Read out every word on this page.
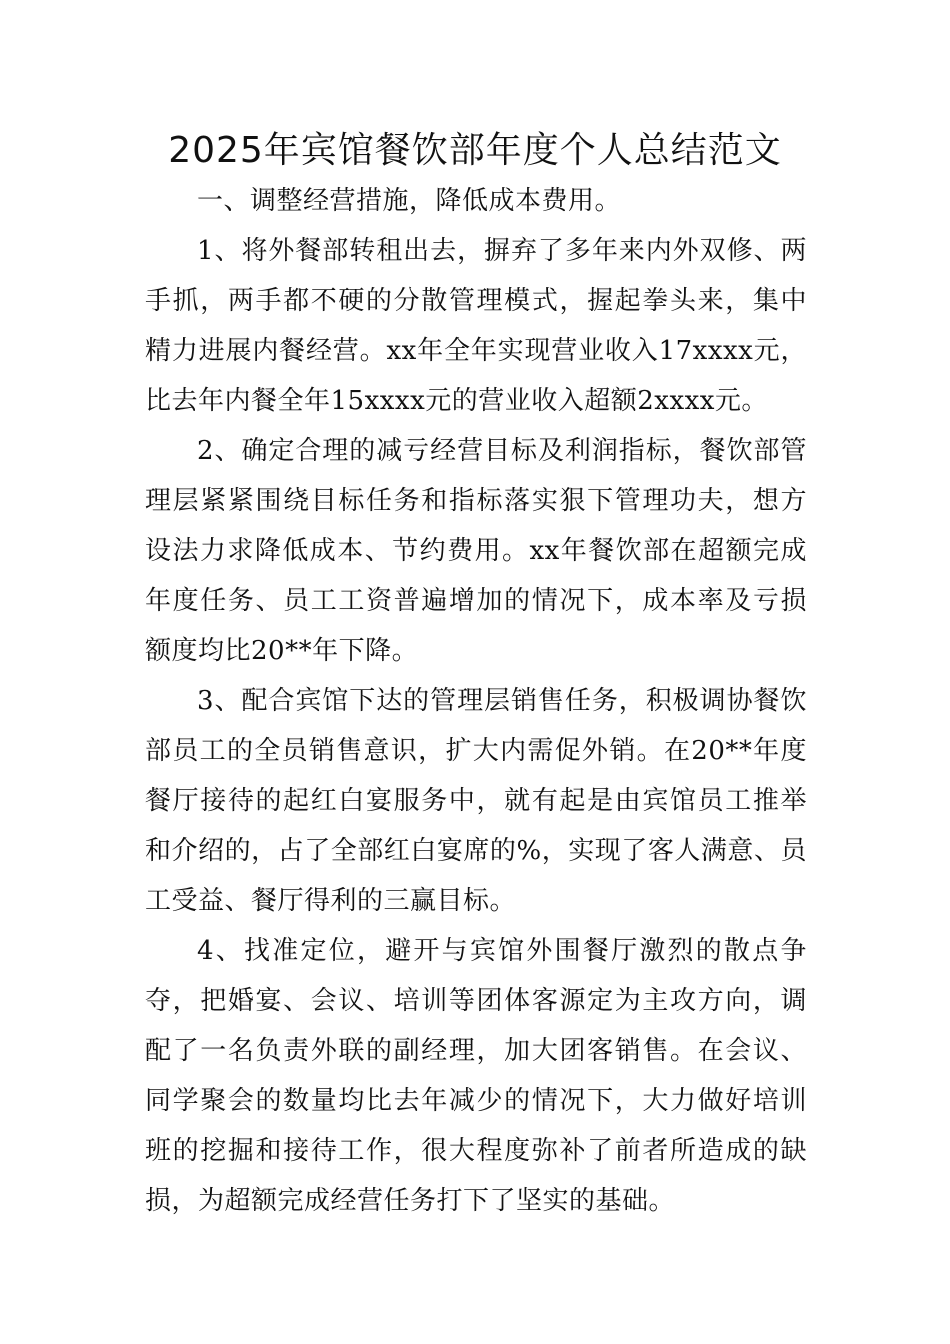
2025年宾馆餐饮部年度个人总结范文

一、调整经营措施，降低成本费用。

1、将外餐部转租出去，摒弃了多年来内外双修、两手抓，两手都不硬的分散管理模式，握起拳头来，集中精力进展内餐经营。xx年全年实现营业收入17xxxx元，比去年内餐全年15xxxx元的营业收入超额2xxxx元。

2、确定合理的减亏经营目标及利润指标，餐饮部管理层紧紧围绕目标任务和指标落实狠下管理功夫，想方设法力求降低成本、节约费用。xx年餐饮部在超额完成年度任务、员工工资普遍增加的情况下，成本率及亏损额度均比20**年下降。

3、配合宾馆下达的管理层销售任务，积极调协餐饮部员工的全员销售意识，扩大内需促外销。在20**年度餐厅接待的起红白宴服务中，就有起是由宾馆员工推举和介绍的，占了全部红白宴席的%，实现了客人满意、员工受益、餐厅得利的三赢目标。

4、找准定位，避开与宾馆外围餐厅激烈的散点争夺，把婚宴、会议、培训等团体客源定为主攻方向，调配了一名负责外联的副经理，加大团客销售。在会议、同学聚会的数量均比去年减少的情况下，大力做好培训班的挖掘和接待工作，很大程度弥补了前者所造成的缺损，为超额完成经营任务打下了坚实的基础。
